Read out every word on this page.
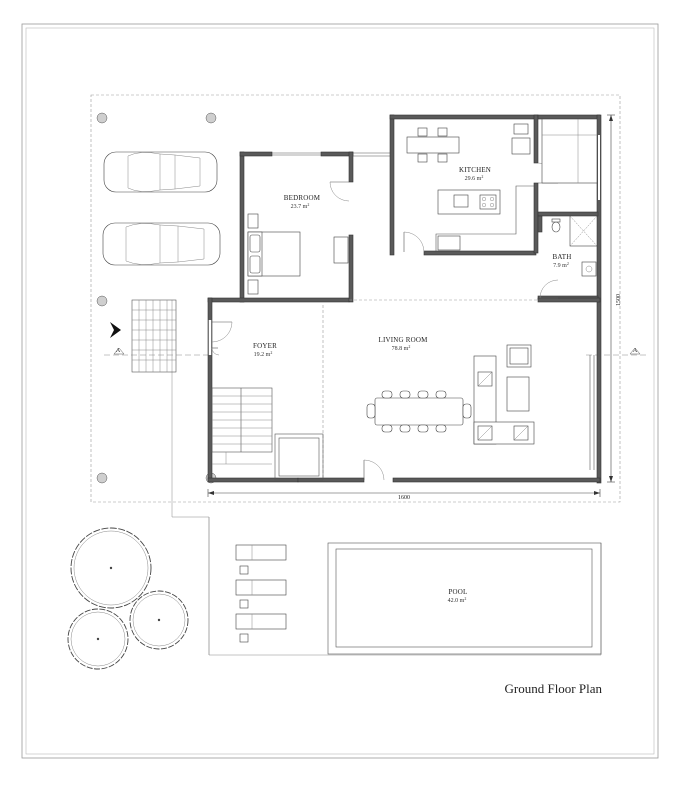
A	A
1600
1500
BEDROOM
23.7 $m^2$
KITCHEN
29.6 $m^2$
BATH
7.9 $m^2$
FOYER
19.2 $m^2$
LIVING ROOM
78.8 $m^2$
POOL
42.0 $m^2$
Ground Floor Plan
